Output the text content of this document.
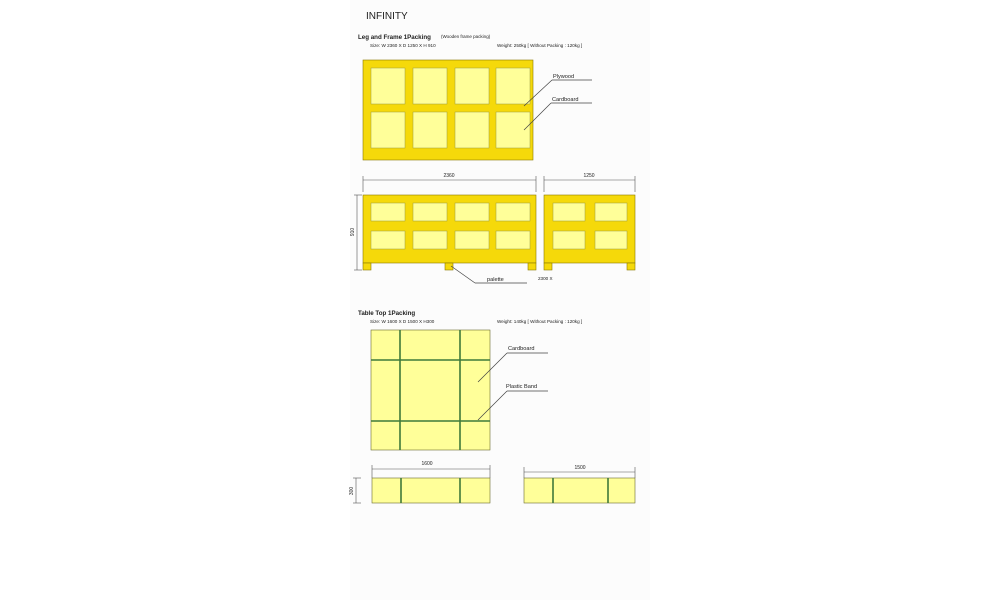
INFINITY
Leg and Frame 1Packing (Wooden frame packing)
Size: W 2360 X D 1250 X H 910	Weight: 250kg [ Without Packing : 120kg ]
Plywood
Cardboard
2360	1250
910
palette	2300 X
Table Top 1Packing
Size: W 1600 X D 1500 X H300	Weight: 140kg [ Without Packing : 120kg ]
Cardboard
Plastic Band
1600
1500
300
